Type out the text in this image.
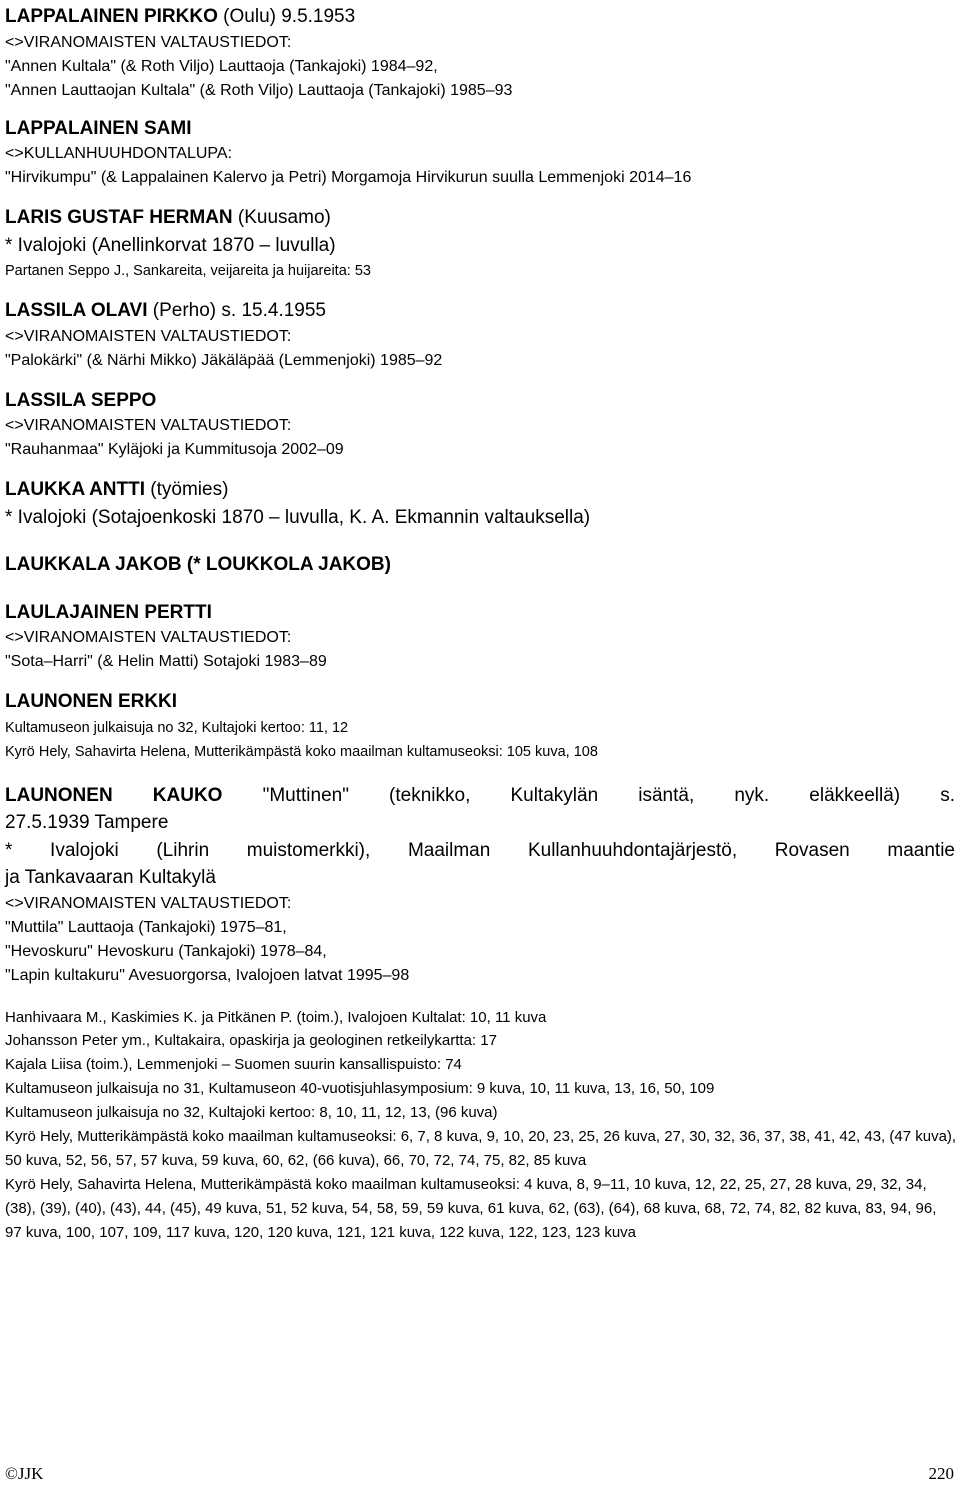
LAPPALAINEN PIRKKO (Oulu) 9.5.1953
<>VIRANOMAISTEN VALTAUSTIEDOT:
"Annen Kultala" (& Roth Viljo) Lauttaoja (Tankajoki) 1984–92,
"Annen Lauttaojan Kultala" (& Roth Viljo) Lauttaoja (Tankajoki) 1985–93
LAPPALAINEN SAMI
<>KULLANHUUHDONTALUPA:
"Hirvikumpu" (& Lappalainen Kalervo ja Petri) Morgamoja Hirvikurun suulla Lemmenjoki 2014–16
LARIS GUSTAF HERMAN (Kuusamo)
* Ivalojoki (Anellinkorvat 1870 – luvulla)
Partanen Seppo J., Sankareita, veijareita ja huijareita: 53
LASSILA OLAVI (Perho) s. 15.4.1955
<>VIRANOMAISTEN VALTAUSTIEDOT:
"Palokärki" (& Närhi Mikko) Jäkäläpää (Lemmenjoki) 1985–92
LASSILA SEPPO
<>VIRANOMAISTEN VALTAUSTIEDOT:
"Rauhanmaa" Kyläjoki ja Kummitusoja 2002–09
LAUKKA ANTTI (työmies)
* Ivalojoki (Sotajoenkoski 1870 – luvulla, K. A. Ekmannin valtauksella)
LAUKKALA JAKOB (* LOUKKOLA JAKOB)
LAULAJAINEN PERTTI
<>VIRANOMAISTEN VALTAUSTIEDOT:
"Sota–Harri" (& Helin Matti) Sotajoki 1983–89
LAUNONEN ERKKI
Kultamuseon julkaisuja no 32, Kultajoki kertoo: 11, 12
Kyrö Hely, Sahavirta Helena, Mutterikämpästä koko maailman kultamuseoksi: 105 kuva, 108
LAUNONEN KAUKO "Muttinen" (teknikko, Kultakylän isäntä, nyk. eläkkeellä) s.
27.5.1939 Tampere
* Ivalojoki (Lihrin muistomerkki), Maailman Kullanhuuhdontajärjestö, Rovasen maantie
ja Tankavaaran Kultakylä
<>VIRANOMAISTEN VALTAUSTIEDOT:
"Muttila" Lauttaoja (Tankajoki) 1975–81,
"Hevoskuru" Hevoskuru (Tankajoki) 1978–84,
"Lapin kultakuru" Avesuorgorsa, Ivalojoen latvat 1995–98
Hanhivaara M., Kaskimies K. ja Pitkänen P. (toim.), Ivalojoen Kultalat: 10, 11 kuva
Johansson Peter ym., Kultakaira, opaskirja ja geologinen retkeilykartta: 17
Kajala Liisa (toim.), Lemmenjoki – Suomen suurin kansallispuisto: 74
Kultamuseon julkaisuja no 31, Kultamuseon 40-vuotisjuhlasymposium: 9 kuva, 10, 11 kuva, 13, 16, 50, 109
Kultamuseon julkaisuja no 32, Kultajoki kertoo: 8, 10, 11, 12, 13, (96 kuva)
Kyrö Hely, Mutterikämpästä koko maailman kultamuseoksi: 6, 7, 8 kuva, 9, 10, 20, 23, 25, 26 kuva, 27, 30, 32, 36, 37, 38, 41, 42, 43, (47 kuva), 50 kuva, 52, 56, 57, 57 kuva, 59 kuva, 60, 62, (66 kuva), 66, 70, 72, 74, 75, 82, 85 kuva
Kyrö Hely, Sahavirta Helena, Mutterikämpästä koko maailman kultamuseoksi: 4 kuva, 8, 9–11, 10 kuva, 12, 22, 25, 27, 28 kuva, 29, 32, 34, (38), (39), (40), (43), 44, (45), 49 kuva, 51, 52 kuva, 54, 58, 59, 59 kuva, 61 kuva, 62, (63), (64), 68 kuva, 68, 72, 74, 82, 82 kuva, 83, 94, 96, 97 kuva, 100, 107, 109, 117 kuva, 120, 120 kuva, 121, 121 kuva, 122 kuva, 122, 123, 123 kuva
©JJK	220
